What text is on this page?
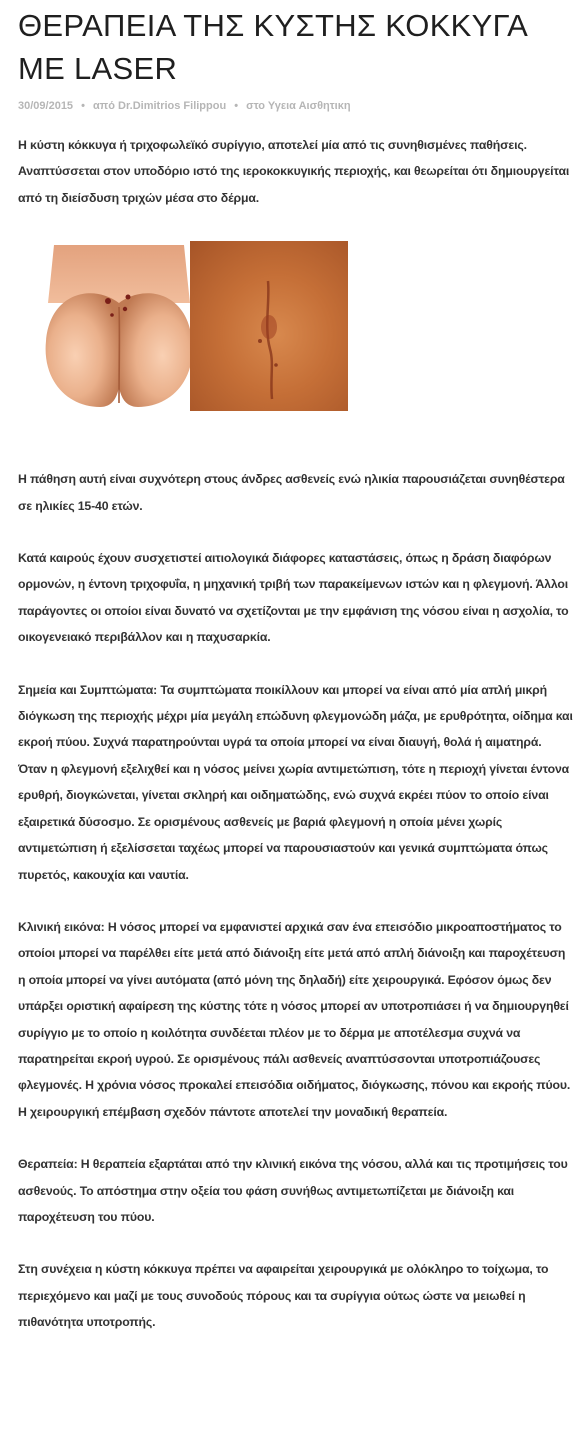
ΘΕΡΑΠΕΙΑ ΤΗΣ ΚΥΣΤΗΣ ΚΟΚΚΥΓΑ ΜΕ LASER
30/09/2015 • από Dr.Dimitrios Filippou • στο Υγεια Αισθητικη

Η κύστη κόκκυγα ή τριχοφωλεϊκό συρίγγιο, αποτελεί μία από τις συνηθισμένες παθήσεις. Αναπτύσσεται στον υποδόριο ιστό της ιεροκοκκυγικής περιοχής, και θεωρείται ότι δημιουργείται από τη διείσδυση τριχών μέσα στο δέρμα.

Η πάθηση αυτή είναι συχνότερη στους άνδρες ασθενείς ενώ ηλικία παρουσιάζεται συνηθέστερα σε ηλικίες 15-40 ετών.

Κατά καιρούς έχουν συσχετιστεί αιτιολογικά διάφορες καταστάσεις, όπως η δράση διαφόρων ορμονών, η έντονη τριχοφυΐα, η μηχανική τριβή των παρακείμενων ιστών και η φλεγμονή. Άλλοι παράγοντες οι οποίοι είναι δυνατό να σχετίζονται με την εμφάνιση της νόσου είναι η ασχολία, το οικογενειακό περιβάλλον και η παχυσαρκία.

Σημεία και Συμπτώματα: Τα συμπτώματα ποικίλλουν και μπορεί να είναι από μία απλή μικρή διόγκωση της περιοχής μέχρι μία μεγάλη επώδυνη φλεγμονώδη μάζα, με ερυθρότητα, οίδημα και εκροή πύου. Συχνά παρατηρούνται υγρά τα οποία μπορεί να είναι διαυγή, θολά ή αιματηρά. Όταν η φλεγμονή εξελιχθεί και η νόσος μείνει χωρία αντιμετώπιση, τότε η περιοχή γίνεται έντονα ερυθρή, διογκώνεται, γίνεται σκληρή και οιδηματώδης, ενώ συχνά εκρέει πύον το οποίο είναι εξαιρετικά δύσοσμο. Σε ορισμένους ασθενείς με βαριά φλεγμονή η οποία μένει χωρίς αντιμετώπιση ή εξελίσσεται ταχέως μπορεί να παρουσιαστούν και γενικά συμπτώματα όπως πυρετός, κακουχία και ναυτία.

Κλινική εικόνα: Η νόσος μπορεί να εμφανιστεί αρχικά σαν ένα επεισόδιο μικροαποστήματος το οποίοι μπορεί να παρέλθει είτε μετά από διάνοιξη είτε μετά από απλή διάνοιξη και παροχέτευση η οποία μπορεί να γίνει αυτόματα (από μόνη της δηλαδή) είτε χειρουργικά. Εφόσον όμως δεν υπάρξει οριστική αφαίρεση της κύστης τότε η νόσος μπορεί αν υποτροπιάσει ή να δημιουργηθεί συρίγγιο με το οποίο η κοιλότητα συνδέεται πλέον με το δέρμα με αποτέλεσμα συχνά να παρατηρείται εκροή υγρού. Σε ορισμένους πάλι ασθενείς αναπτύσσονται υποτροπιάζουσες φλεγμονές. Η χρόνια νόσος προκαλεί επεισόδια οιδήματος, διόγκωσης, πόνου και εκροής πύου. Η χειρουργική επέμβαση σχεδόν πάντοτε αποτελεί την μοναδική θεραπεία.

Θεραπεία: Η θεραπεία εξαρτάται από την κλινική εικόνα της νόσου, αλλά και τις προτιμήσεις του ασθενούς. Το απόστημα στην οξεία του φάση συνήθως αντιμετωπίζεται με διάνοιξη και παροχέτευση του πύου.

Στη συνέχεια η κύστη κόκκυγα πρέπει να αφαιρείται χειρουργικά με ολόκληρο το τοίχωμα, το περιεχόμενο και μαζί με τους συνοδούς πόρους και τα συρίγγια ούτως ώστε να μειωθεί η πιθανότητα υποτροπής.
